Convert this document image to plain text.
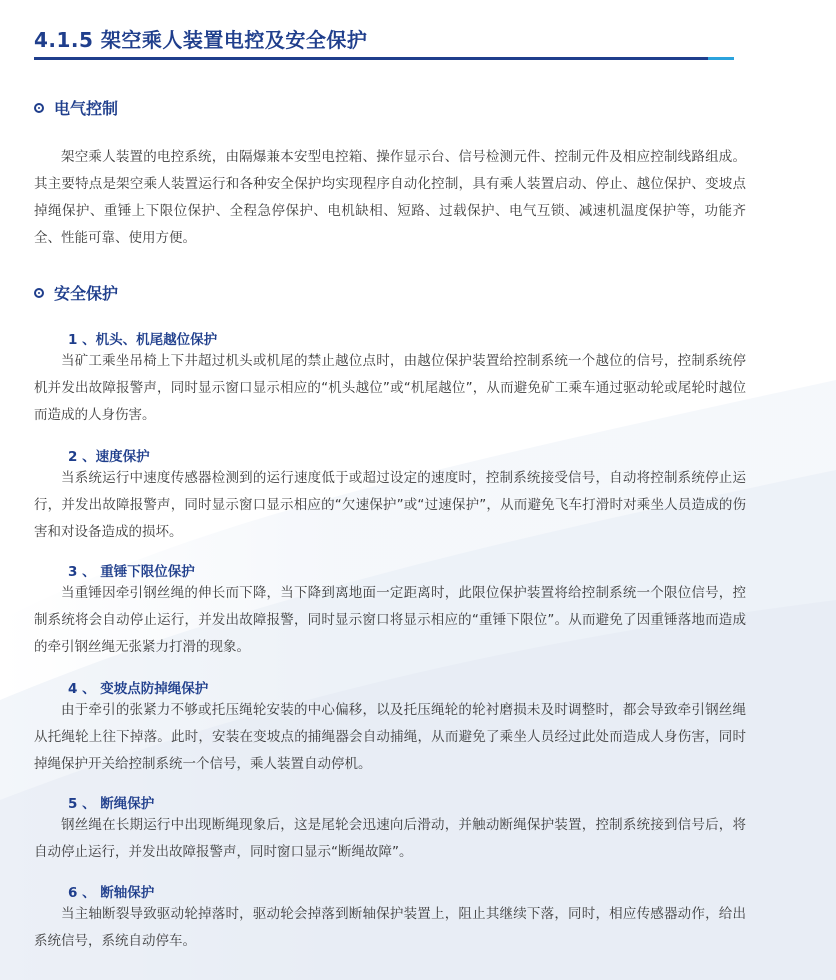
4.1.5 架空乘人装置电控及安全保护
电气控制

架空乘人装置的电控系统，由隔爆兼本安型电控箱、操作显示台、信号检测元件、控制元件及相应控制线路组成。其主要特点是架空乘人装置运行和各种安全保护均实现程序自动化控制，具有乘人装置启动、停止、越位保护、变坡点掉绳保护、重锤上下限位保护、全程急停保护、电机缺相、短路、过载保护、电气互锁、减速机温度保护等，功能齐全、性能可靠、使用方便。

安全保护
1 、机头、机尾越位保护

当矿工乘坐吊椅上下井超过机头或机尾的禁止越位点时，由越位保护装置给控制系统一个越位的信号，控制系统停机并发出故障报警声，同时显示窗口显示相应的“机头越位”或“机尾越位”，从而避免矿工乘车通过驱动轮或尾轮时越位而造成的人身伤害。

2 、速度保护

当系统运行中速度传感器检测到的运行速度低于或超过设定的速度时，控制系统接受信号，自动将控制系统停止运行，并发出故障报警声，同时显示窗口显示相应的“欠速保护”或“过速保护”，从而避免飞车打滑时对乘坐人员造成的伤害和对设备造成的损坏。

3 、 重锤下限位保护

当重锤因牵引钢丝绳的伸长而下降，当下降到离地面一定距离时，此限位保护装置将给控制系统一个限位信号，控制系统将会自动停止运行，并发出故障报警，同时显示窗口将显示相应的“重锤下限位”。从而避免了因重锤落地而造成的牵引钢丝绳无张紧力打滑的现象。

4 、 变坡点防掉绳保护

由于牵引的张紧力不够或托压绳轮安装的中心偏移，以及托压绳轮的轮衬磨损未及时调整时，都会导致牵引钢丝绳从托绳轮上往下掉落。此时，安装在变坡点的捕绳器会自动捕绳，从而避免了乘坐人员经过此处而造成人身伤害，同时掉绳保护开关给控制系统一个信号，乘人装置自动停机。

5 、 断绳保护

钢丝绳在长期运行中出现断绳现象后，这是尾轮会迅速向后滑动，并触动断绳保护装置，控制系统接到信号后，将自动停止运行，并发出故障报警声，同时窗口显示“断绳故障”。

6 、 断轴保护

当主轴断裂导致驱动轮掉落时，驱动轮会掉落到断轴保护装置上，阻止其继续下落，同时，相应传感器动作，给出系统信号，系统自动停车。
